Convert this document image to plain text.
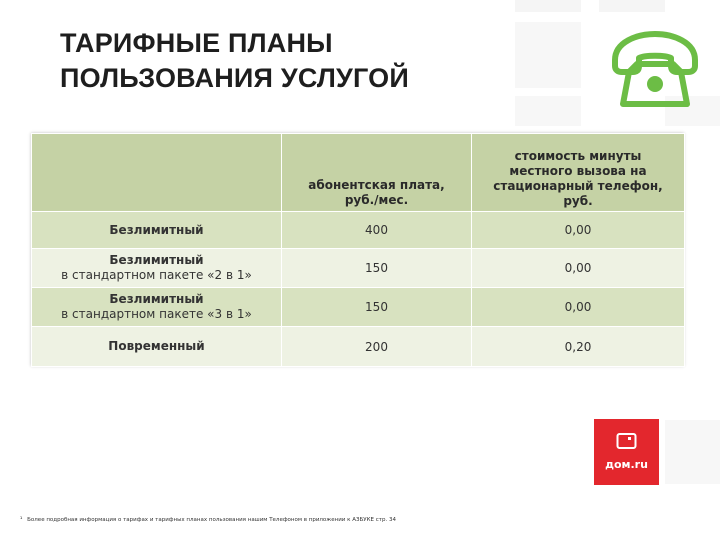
ТАРИФНЫЕ ПЛАНЫ
ПОЛЬЗОВАНИЯ УСЛУГОЙ
	абонентская плата, руб./мес.	стоимость минуты местного вызова на стационарный телефон, руб.

Безлимитный	400	0,00

Безлимитный
в стандартном пакете «2 в 1»	150	0,00

Безлимитный
в стандартном пакете «3 в 1»	150	0,00

Повременный	200	0,20
дом.ru
¹ Более подробная информация о тарифах и тарифных планах пользования нашим Телефоном в приложении к АЗБУКЕ стр. 34
